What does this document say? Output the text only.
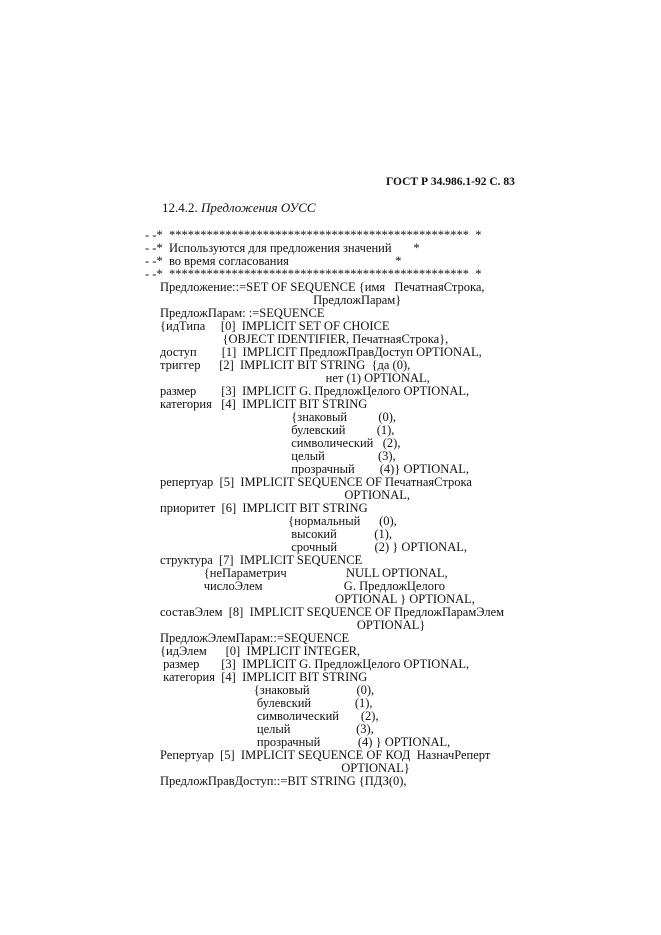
ГОСТ Р 34.986.1-92 С. 83
12.4.2. Предложения ОУСС
- -*  ************************************************  *
- -*  Используются для предложения значений       *
- -*  во время согласования                                  *
- -*  ************************************************  *
Предложение::=SET OF SEQUENCE {имя   ПечатнаяСтрока,
ПредложПарам}
ПредложПарам: :=SEQUENCE
{идТипа     [0]  IMPLICIT SET OF CHOICE
{OBJECT IDENTIFIER, ПечатнаяСтрока},
доступ        [1]  IMPLICIT ПредложПравДоступ OPTIONAL,
триггер      [2]  IMPLICIT BIT STRING  {да (0),
нет (1) OPTIONAL,
размер        [3]  IMPLICIT G. ПредложЦелого OPTIONAL,
категория   [4]  IMPLICIT BIT STRING
{знаковый          (0),
булевский          (1),
символический   (2),
целый                 (3),
прозрачный        (4)} OPTIONAL,
репертуар  [5]  IMPLICIT SEQUENCE OF ПечатнаяСтрока
OPTIONAL,
приоритет  [6]  IMPLICIT BIT STRING
{нормальный      (0),
высокий            (1),
срочный            (2) } OPTIONAL,
структура  [7]  IMPLICIT SEQUENCE
{неПараметрич                   NULL OPTIONAL,
числоЭлем                          G. ПредложЦелого
OPTIONAL } OPTIONAL,
составЭлем  [8]  IMPLICIT SEQUENCE OF ПредложПарамЭлем
OPTIONAL}
ПредложЭлемПарам::=SEQUENCE
{идЭлем      [0]  IMPLICIT INTEGER,
размер       [3]  IMPLICIT G. ПредложЦелого OPTIONAL,
категория  [4]  IMPLICIT BIT STRING
{знаковый               (0),
булевский              (1),
символический       (2),
целый                     (3),
прозрачный            (4) } OPTIONAL,
Репертуар  [5]  IMPLICIT SEQUENCE OF КОД  НазначРеперт
OPTIONAL}
ПредложПравДоступ::=BIT STRING {ПДЗ(0),
